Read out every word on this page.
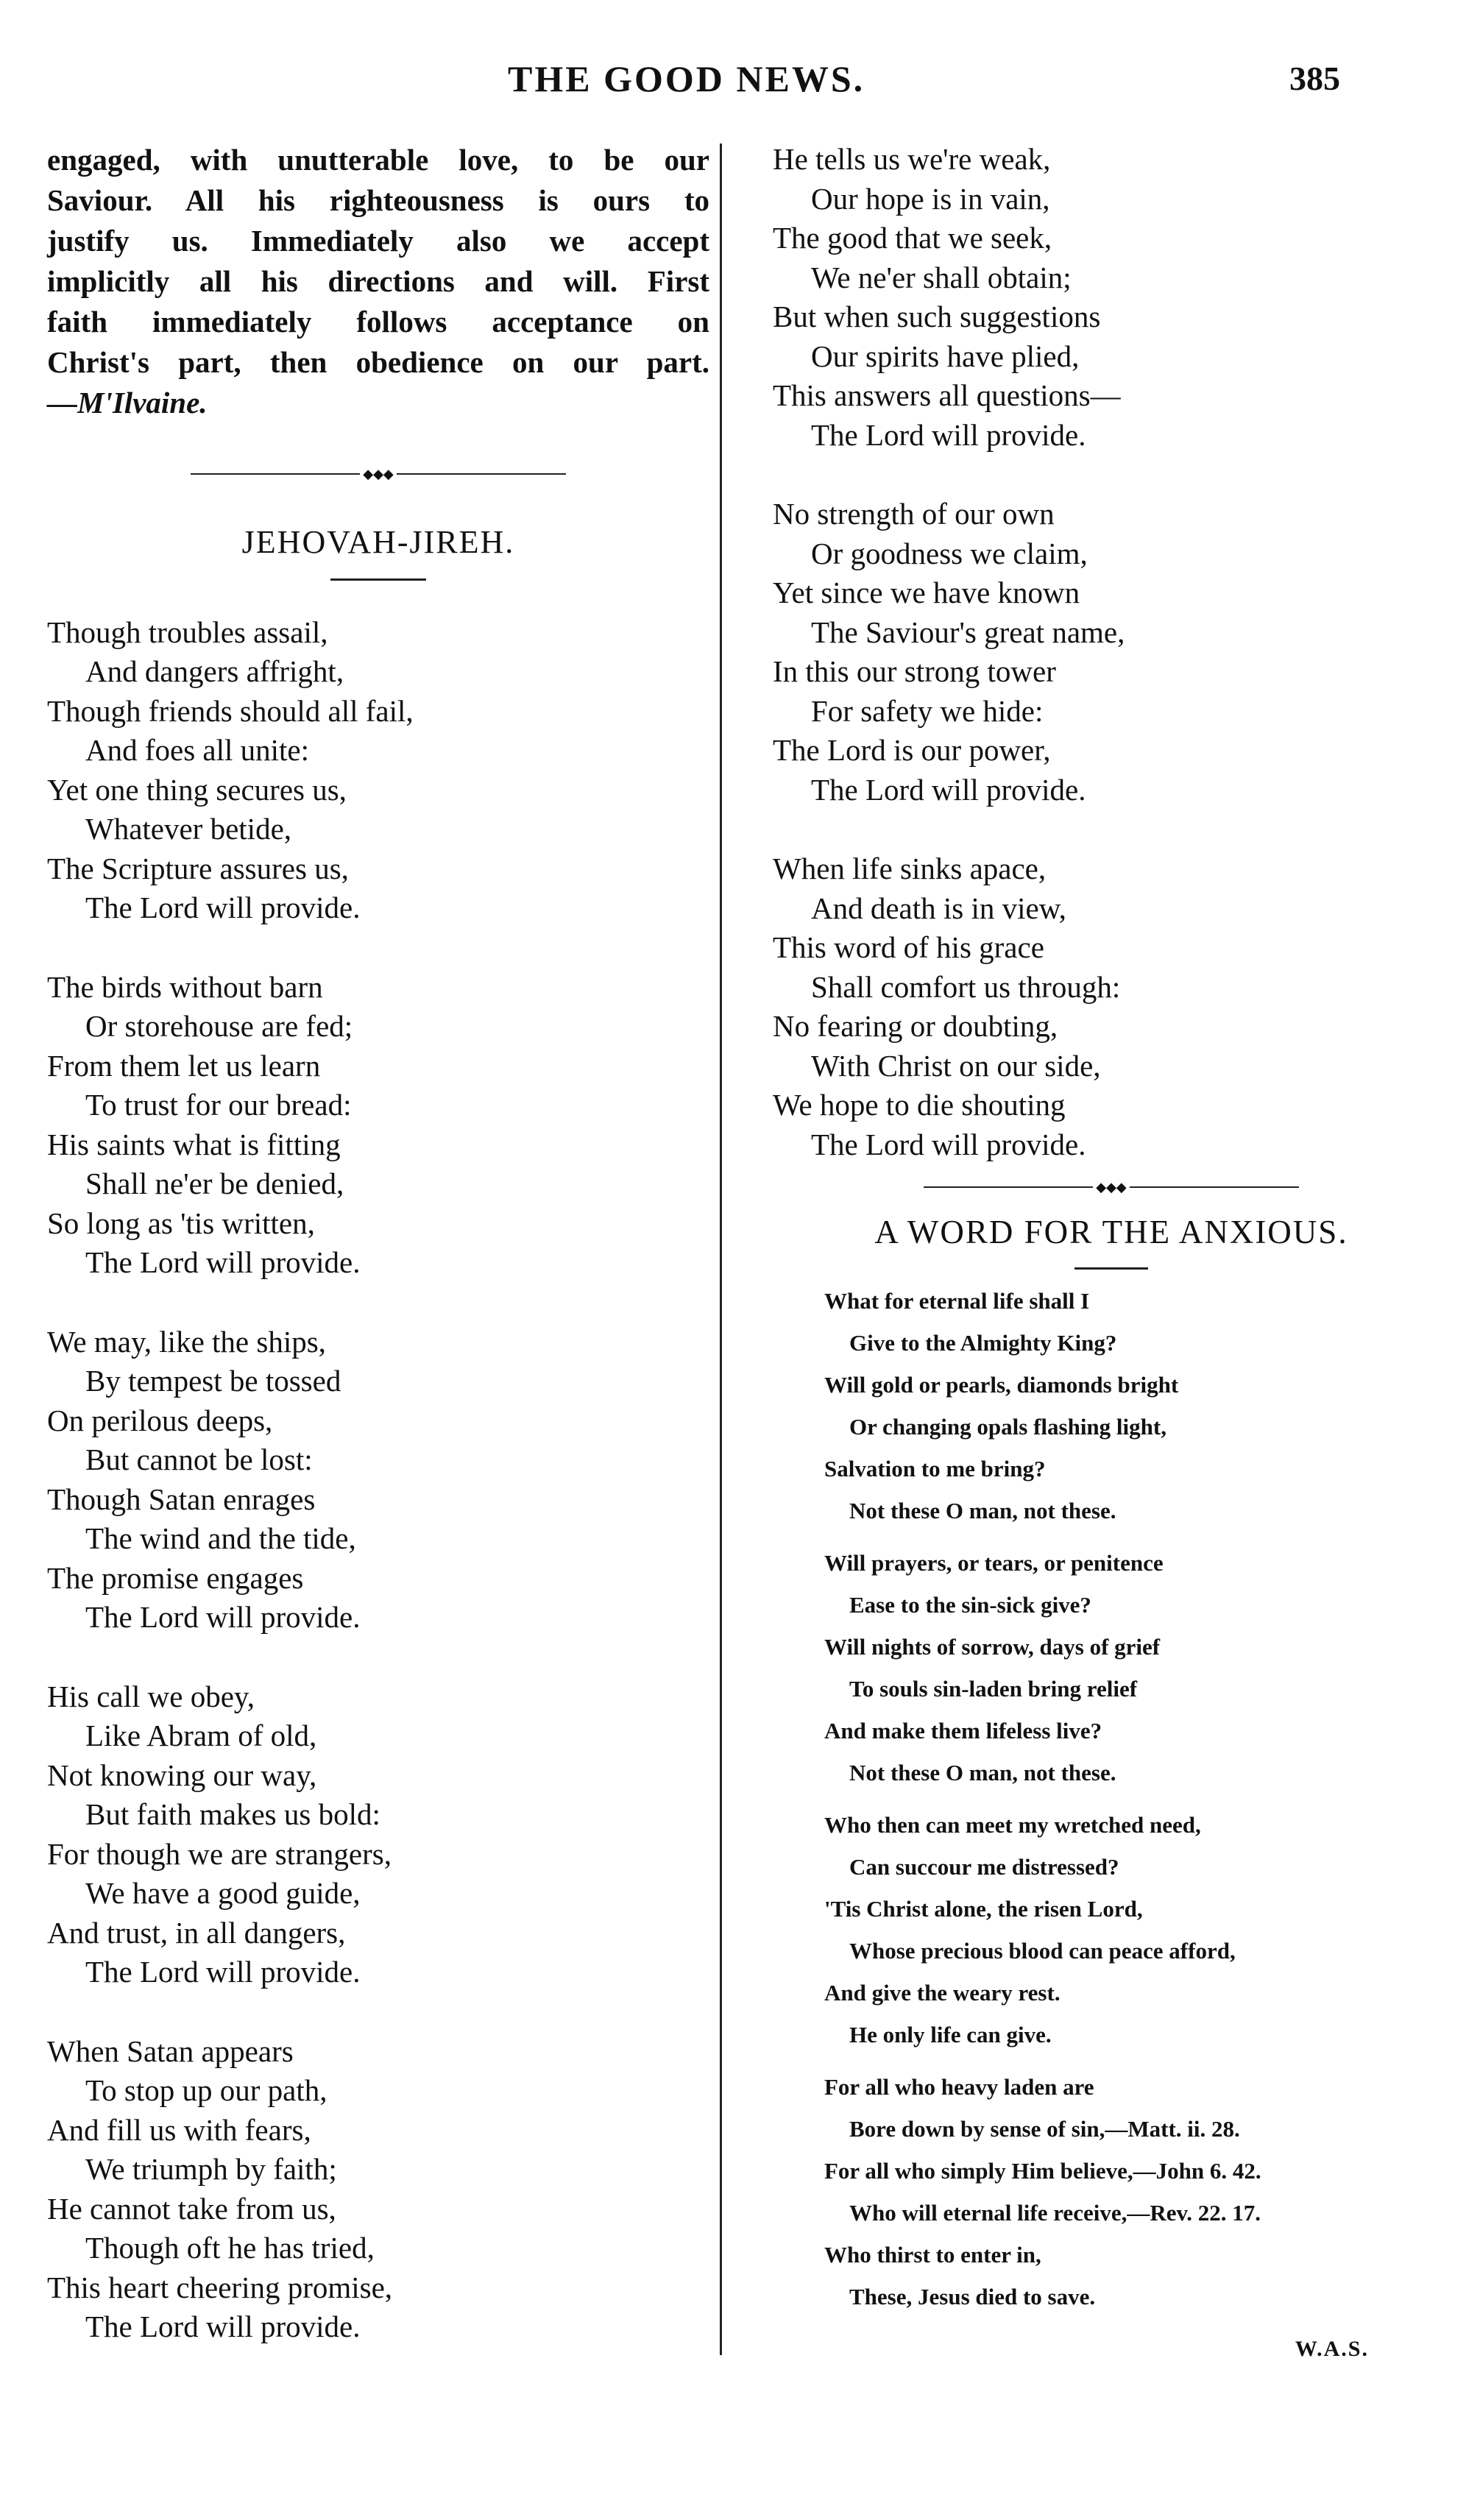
THE GOOD NEWS.	385

engaged, with unutterable love, to be our
Saviour. All his righteousness is ours to
justify us. Immediately also we accept
implicitly all his directions and will. First
faith immediately follows acceptance on
Christ's part, then obedience on our part.
—M'Ilvaine.

◆◆◆
JEHOVAH-JIREH.
Though troubles assail,
And dangers affright,
Though friends should all fail,
And foes all unite:
Yet one thing secures us,
Whatever betide,
The Scripture assures us,
The Lord will provide.
The birds without barn
Or storehouse are fed;
From them let us learn
To trust for our bread:
His saints what is fitting
Shall ne'er be denied,
So long as 'tis written,
The Lord will provide.
We may, like the ships,
By tempest be tossed
On perilous deeps,
But cannot be lost:
Though Satan enrages
The wind and the tide,
The promise engages
The Lord will provide.
His call we obey,
Like Abram of old,
Not knowing our way,
But faith makes us bold:
For though we are strangers,
We have a good guide,
And trust, in all dangers,
The Lord will provide.
When Satan appears
To stop up our path,
And fill us with fears,
We triumph by faith;
He cannot take from us,
Though oft he has tried,
This heart cheering promise,
The Lord will provide.
He tells us we're weak,
Our hope is in vain,
The good that we seek,
We ne'er shall obtain;
But when such suggestions
Our spirits have plied,
This answers all questions—
The Lord will provide.
No strength of our own
Or goodness we claim,
Yet since we have known
The Saviour's great name,
In this our strong tower
For safety we hide:
The Lord is our power,
The Lord will provide.
When life sinks apace,
And death is in view,
This word of his grace
Shall comfort us through:
No fearing or doubting,
With Christ on our side,
We hope to die shouting
The Lord will provide.
◆◆◆
A WORD FOR THE ANXIOUS.
What for eternal life shall I
Give to the Almighty King?
Will gold or pearls, diamonds bright
Or changing opals flashing light,
Salvation to me bring?
Not these O man, not these.
Will prayers, or tears, or penitence
Ease to the sin-sick give?
Will nights of sorrow, days of grief
To souls sin-laden bring relief
And make them lifeless live?
Not these O man, not these.
Who then can meet my wretched need,
Can succour me distressed?
'Tis Christ alone, the risen Lord,
Whose precious blood can peace afford,
And give the weary rest.
He only life can give.
For all who heavy laden are
Bore down by sense of sin,—Matt. ii. 28.
For all who simply Him believe,—John 6. 42.
Who will eternal life receive,—Rev. 22. 17.
Who thirst to enter in,
These, Jesus died to save.
W.A.S.
